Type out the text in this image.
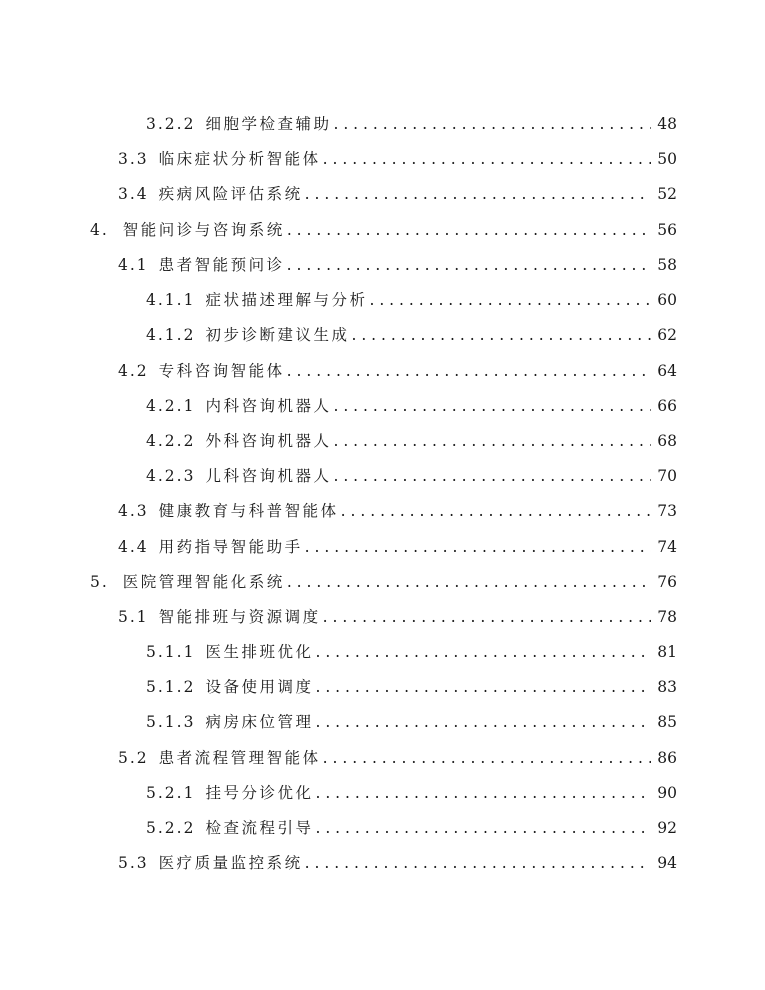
3.2.2 细胞学检查辅助 . . .	48
3.3 临床症状分析智能体 . . .	50
3.4 疾病风险评估系统 . . .	52
4. 智能问诊与咨询系统 . . .	56
4.1 患者智能预问诊 . . .	58
4.1.1 症状描述理解与分析 . . .	60
4.1.2 初步诊断建议生成 . . .	62
4.2 专科咨询智能体 . . .	64
4.2.1 内科咨询机器人 . . .	66
4.2.2 外科咨询机器人 . . .	68
4.2.3 儿科咨询机器人 . . .	70
4.3 健康教育与科普智能体 . . .	73
4.4 用药指导智能助手 . . .	74
5. 医院管理智能化系统 . . .	76
5.1 智能排班与资源调度 . . .	78
5.1.1 医生排班优化 . . .	81
5.1.2 设备使用调度 . . .	83
5.1.3 病房床位管理 . . .	85
5.2 患者流程管理智能体 . . .	86
5.2.1 挂号分诊优化 . . .	90
5.2.2 检查流程引导 . . .	92
5.3 医疗质量监控系统 . . .	94
